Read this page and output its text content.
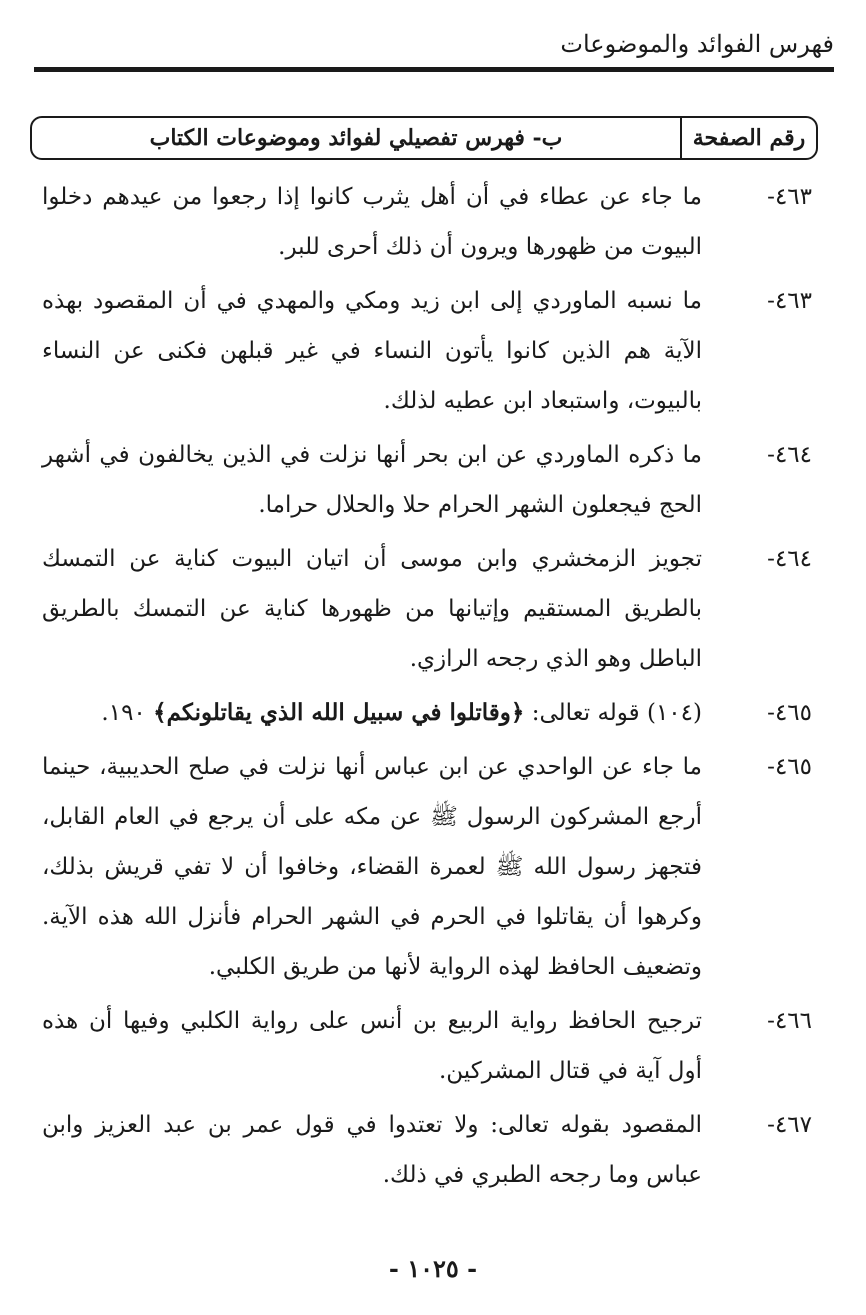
فهرس الفوائد والموضوعات
رقم الصفحة
ب- فهرس تفصيلي لفوائد وموضوعات الكتاب
٤٦٣-
ما جاء عن عطاء في أن أهل يثرب كانوا إذا رجعوا من عيدهم دخلوا البيوت من ظهورها ويرون أن ذلك أحرى للبر.
٤٦٣-
ما نسبه الماوردي إلى ابن زيد ومكي والمهدي في أن المقصود بهذه الآية هم الذين كانوا يأتون النساء في غير قبلهن فكنى عن النساء بالبيوت، واستبعاد ابن عطيه لذلك.
٤٦٤-
ما ذكره الماوردي عن ابن بحر أنها نزلت في الذين يخالفون في أشهر الحج فيجعلون الشهر الحرام حلا والحلال حراما.
٤٦٤-
تجويز الزمخشري وابن موسى أن اتيان البيوت كناية عن التمسك بالطريق المستقيم وإتيانها من ظهورها كناية عن التمسك بالطريق الباطل وهو الذي رجحه الرازي.
٤٦٥-
(١٠٤) قوله تعالى: ﴿وقاتلوا في سبيل الله الذي يقاتلونكم﴾ ١٩٠.
٤٦٥-
ما جاء عن الواحدي عن ابن عباس أنها نزلت في صلح الحديبية، حينما أرجع المشركون الرسول ﷺ عن مكه على أن يرجع في العام القابل، فتجهز رسول الله ﷺ لعمرة القضاء، وخافوا أن لا تفي قريش بذلك، وكرهوا أن يقاتلوا في الحرم في الشهر الحرام فأنزل الله هذه الآية. وتضعيف الحافظ لهذه الرواية لأنها من طريق الكلبي.
٤٦٦-
ترجيح الحافظ رواية الربيع بن أنس على رواية الكلبي وفيها أن هذه أول آية في قتال المشركين.
٤٦٧-
المقصود بقوله تعالى: ولا تعتدوا في قول عمر بن عبد العزيز وابن عباس وما رجحه الطبري في ذلك.
- ١٠٢٥ -
